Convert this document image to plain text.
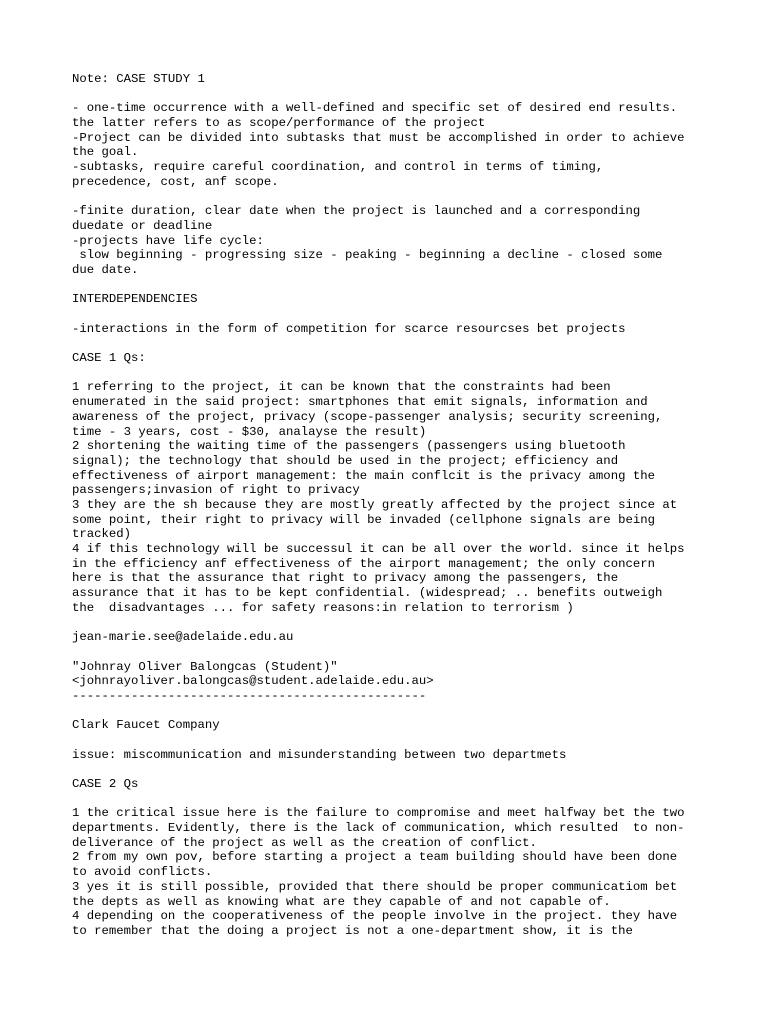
Note: CASE STUDY 1
- one-time occurrence with a well-defined and specific set of desired end results.
the latter refers to as scope/performance of the project
-Project can be divided into subtasks that must be accomplished in order to achieve
the goal.
-subtasks, require careful coordination, and control in terms of timing,
precedence, cost, anf scope.
-finite duration, clear date when the project is launched and a corresponding
duedate or deadline
-projects have life cycle:
slow beginning - progressing size - peaking - beginning a decline - closed some
due date.
INTERDEPENDENCIES
-interactions in the form of competition for scarce resourcses bet projects
CASE 1 Qs:
1 referring to the project, it can be known that the constraints had been
enumerated in the said project: smartphones that emit signals, information and
awareness of the project, privacy (scope-passenger analysis; security screening,
time - 3 years, cost - $30, analayse the result)
2 shortening the waiting time of the passengers (passengers using bluetooth
signal); the technology that should be used in the project; efficiency and
effectiveness of airport management: the main conflcit is the privacy among the
passengers;invasion of right to privacy
3 they are the sh because they are mostly greatly affected by the project since at
some point, their right to privacy will be invaded (cellphone signals are being
tracked)
4 if this technology will be successul it can be all over the world. since it helps
in the efficiency anf effectiveness of the airport management; the only concern
here is that the assurance that right to privacy among the passengers, the
assurance that it has to be kept confidential. (widespread; .. benefits outweigh
the  disadvantages ... for safety reasons:in relation to terrorism )
jean-marie.see@adelaide.edu.au
"Johnray Oliver Balongcas (Student)"
<johnrayoliver.balongcas@student.adelaide.edu.au>
------------------------------------------------
Clark Faucet Company
issue: miscommunication and misunderstanding between two departmets
CASE 2 Qs
1 the critical issue here is the failure to compromise and meet halfway bet the two
departments. Evidently, there is the lack of communication, which resulted  to non-
deliverance of the project as well as the creation of conflict.
2 from my own pov, before starting a project a team building should have been done
to avoid conflicts.
3 yes it is still possible, provided that there should be proper communicatiom bet
the depts as well as knowing what are they capable of and not capable of.
4 depending on the cooperativeness of the people involve in the project. they have
to remember that the doing a project is not a one-department show, it is the
